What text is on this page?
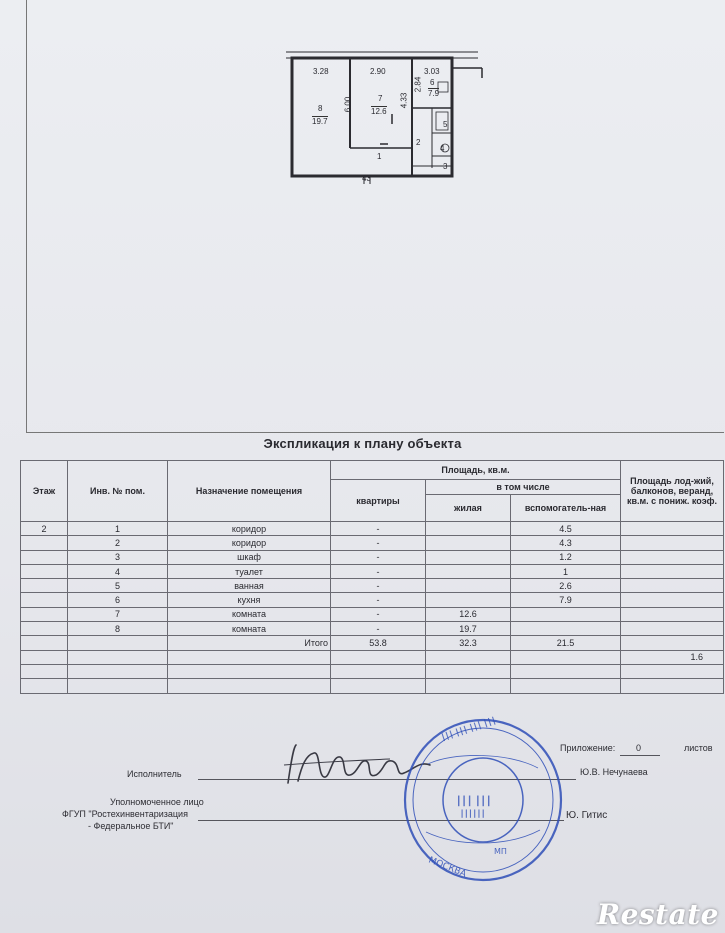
3.28	2.90	3.03
8
19.7
7
12.6
6.00	4.33
2.84 6
7.9
5
2
4
1
3
43
Экспликация к плану объекта
Этаж	Инв. № пом.	Назначение помещения	Площадь, кв.м.			Площадь лод-жий, балконов, веранд, кв.м. с пониж. коэф.
			квартиры	в том числе		
				жилая	вспомогатель-ная	
2	1	коридор	-		4.5	
	2	коридор	-		4.3	
	3	шкаф	-		1.2	
	4	туалет	-		1	
	5	ванная	-		2.6	
	6	кухня	-		7.9	
	7	комната	-	12.6		
	8	комната	-	19.7		
		Итого	53.8	32.3	21.5	
						1.6

Приложение: 0	листов
Исполнитель	Ю.В. Нечунаева
Уполномоченное лицо
ФГУП "Ростехинвентаризация
- Федеральное БТИ"
Ю. Гитис
┃┃┃ ┃┃┃ ┃┃┃ ┃┃┃
┃┃┃ ┃┃┃
┃┃┃┃┃┃
МОСКВА
МП
Restate
